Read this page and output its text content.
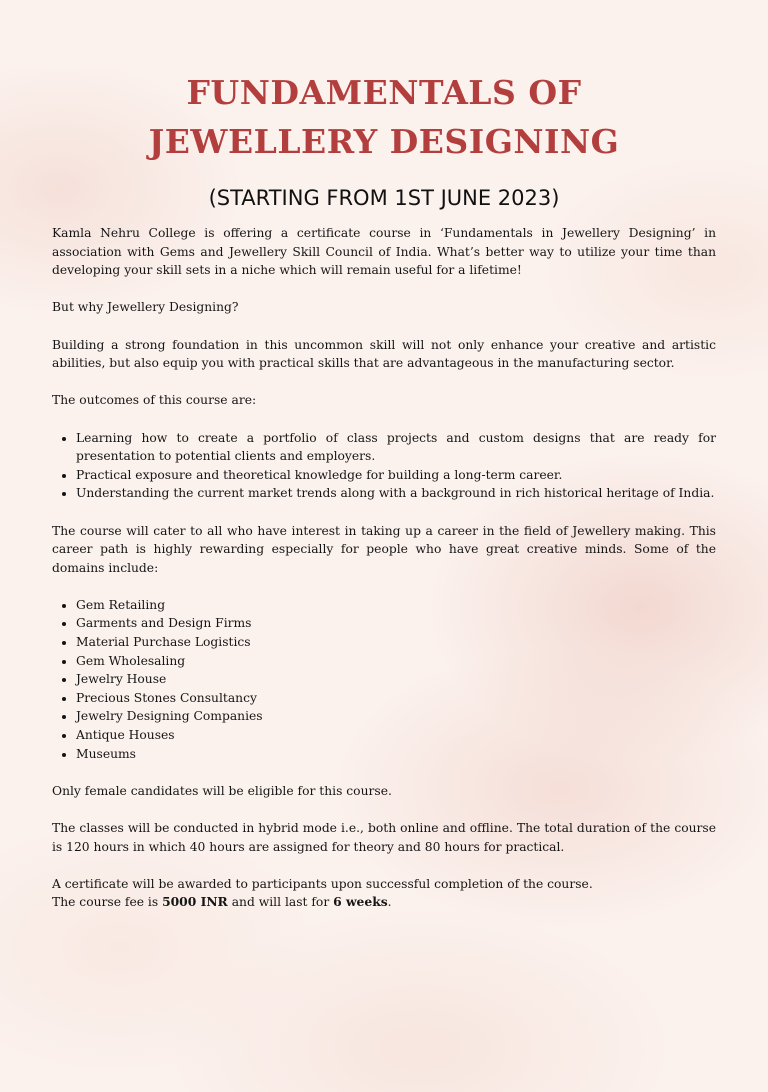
FUNDAMENTALS OF
JEWELLERY DESIGNING
(STARTING FROM 1ST JUNE 2023)

Kamla Nehru College is offering a certificate course in ‘Fundamentals in Jewellery Designing’ in association with Gems and Jewellery Skill Council of India. What’s better way to utilize your time than developing your skill sets in a niche which will remain useful for a lifetime!

But why Jewellery Designing?

Building a strong foundation in this uncommon skill will not only enhance your creative and artistic abilities, but also equip you with practical skills that are advantageous in the manufacturing sector.

The outcomes of this course are:

• Learning how to create a portfolio of class projects and custom designs that are ready for presentation to potential clients and employers.
• Practical exposure and theoretical knowledge for building a long-term career.
• Understanding the current market trends along with a background in rich historical heritage of India.

The course will cater to all who have interest in taking up a career in the field of Jewellery making. This career path is highly rewarding especially for people who have great creative minds. Some of the domains include:

• Gem Retailing
• Garments and Design Firms
• Material Purchase Logistics
• Gem Wholesaling
• Jewelry House
• Precious Stones Consultancy
• Jewelry Designing Companies
• Antique Houses
• Museums

Only female candidates will be eligible for this course.

The classes will be conducted in hybrid mode i.e., both online and offline. The total duration of the course is 120 hours in which 40 hours are assigned for theory and 80 hours for practical.

A certificate will be awarded to participants upon successful completion of the course.
The course fee is 5000 INR and will last for 6 weeks.
